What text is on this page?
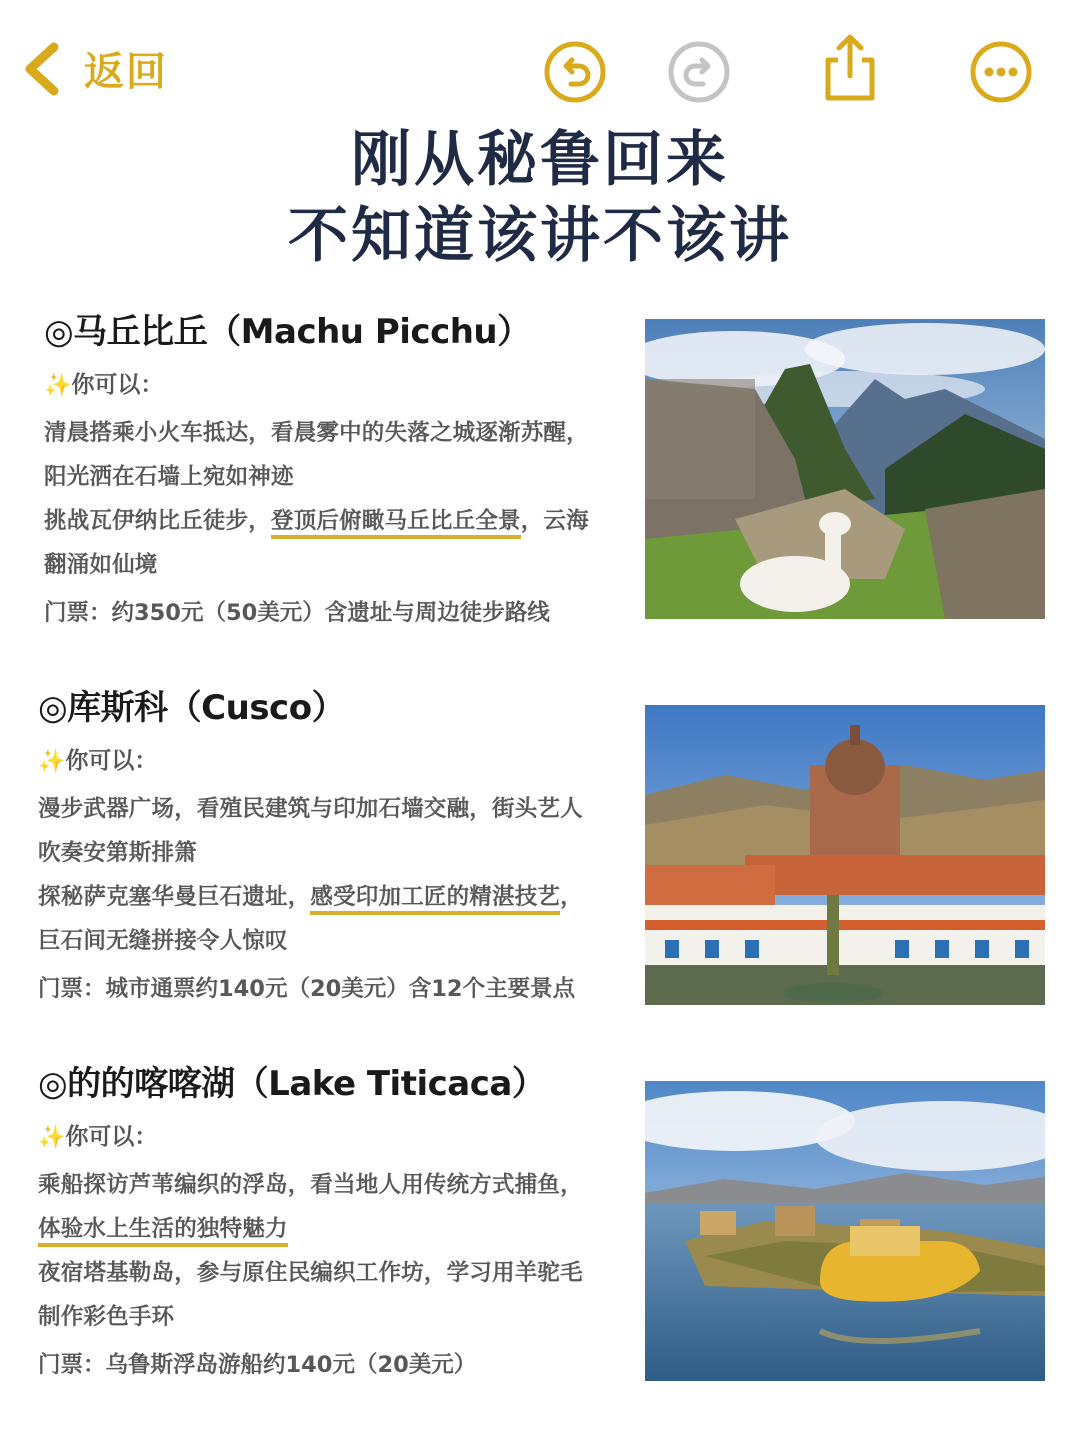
返回
刚从秘鲁回来
不知道该讲不该讲
◎马丘比丘（Machu Picchu）
✨你可以：
清晨搭乘小火车抵达，看晨雾中的失落之城逐渐苏醒，
阳光洒在石墙上宛如神迹
挑战瓦伊纳比丘徒步，登顶后俯瞰马丘比丘全景，云海
翻涌如仙境
门票：约350元（50美元）含遗址与周边徒步路线
◎库斯科（Cusco）
✨你可以：
漫步武器广场，看殖民建筑与印加石墙交融，街头艺人
吹奏安第斯排箫
探秘萨克塞华曼巨石遗址，感受印加工匠的精湛技艺，
巨石间无缝拼接令人惊叹
门票：城市通票约140元（20美元）含12个主要景点
◎的的喀喀湖（Lake Titicaca）
✨你可以：
乘船探访芦苇编织的浮岛，看当地人用传统方式捕鱼，
体验水上生活的独特魅力
夜宿塔基勒岛，参与原住民编织工作坊，学习用羊驼毛
制作彩色手环
门票：乌鲁斯浮岛游船约140元（20美元）
